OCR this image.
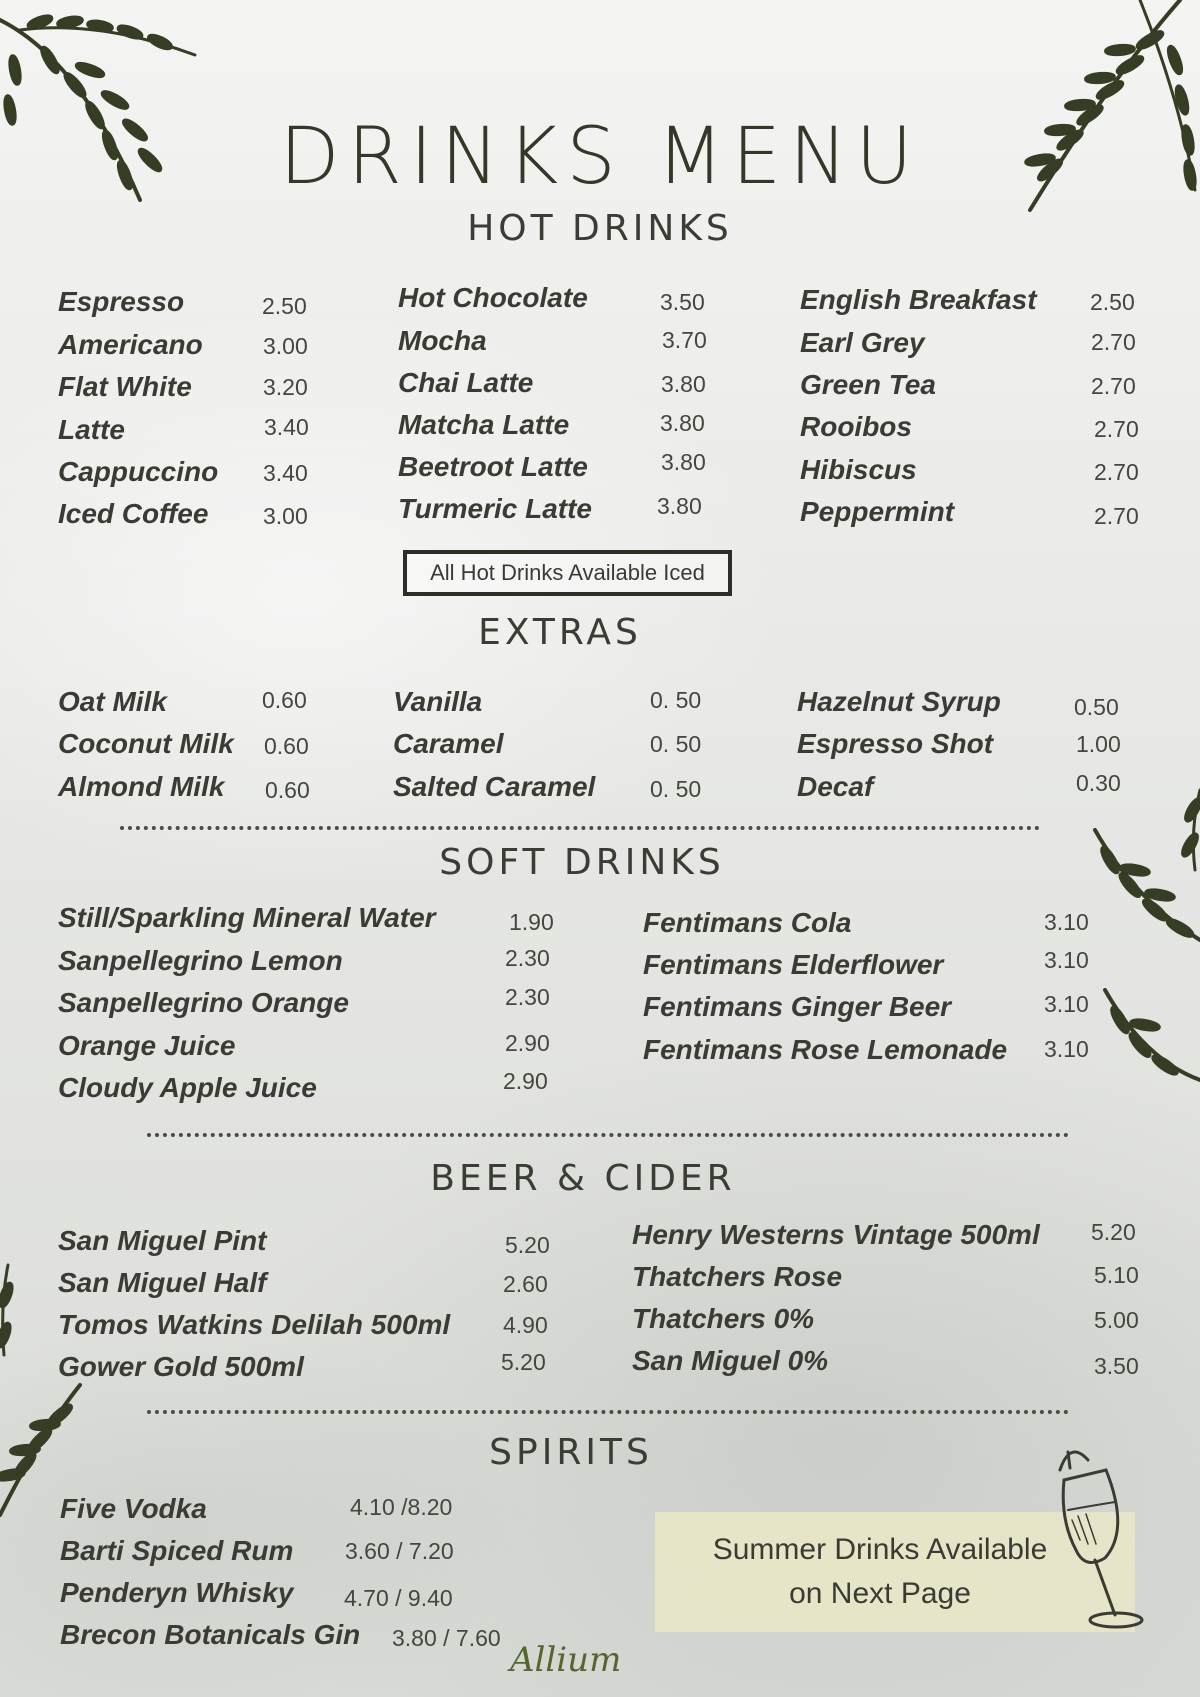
DRINKS MENU
HOT DRINKS
EXTRAS
SOFT DRINKS
BEER & CIDER
SPIRITS
Espresso	2.50
Americano	3.00
Flat White	3.20
Latte	3.40
Cappuccino 3.40
Iced Coffee 3.00
Hot Chocolate	3.50
Mocha	3.70
Chai Latte	3.80
Matcha Latte	3.80
Beetroot Latte	3.80
Turmeric Latte	3.80
English Breakfast 2.50
Earl Grey	2.70
Green Tea	2.70
Rooibos	2.70
Hibiscus	2.70
Peppermint	2.70
All Hot Drinks Available Iced
Oat Milk	0.60
Coconut Milk 0.60
Almond Milk 0.60
Vanilla	0. 50
Caramel	0. 50
Salted Caramel 0. 50
Hazelnut Syrup	0.50
Espresso Shot	1.00
Decaf	0.30
Still/Sparkling Mineral Water	1.90
Sanpellegrino Lemon	2.30
Sanpellegrino Orange	2.30
Orange Juice	2.90
Cloudy Apple Juice	2.90
Fentimans Cola	3.10
Fentimans Elderflower	3.10
Fentimans Ginger Beer	3.10
Fentimans Rose Lemonade 3.10
San Miguel Pint	5.20
San Miguel Half	2.60
Tomos Watkins Delilah 500ml 4.90
Gower Gold 500ml	5.20
Henry Westerns Vintage 500ml 5.20
Thatchers Rose	5.10
Thatchers 0%	5.00
San Miguel 0%	3.50
Five Vodka	4.10 /8.20
Barti Spiced Rum 3.60 / 7.20
Penderyn Whisky 4.70 / 9.40
Brecon Botanicals Gin 3.80 / 7.60
Summer Drinks Available
on Next Page
Allium
